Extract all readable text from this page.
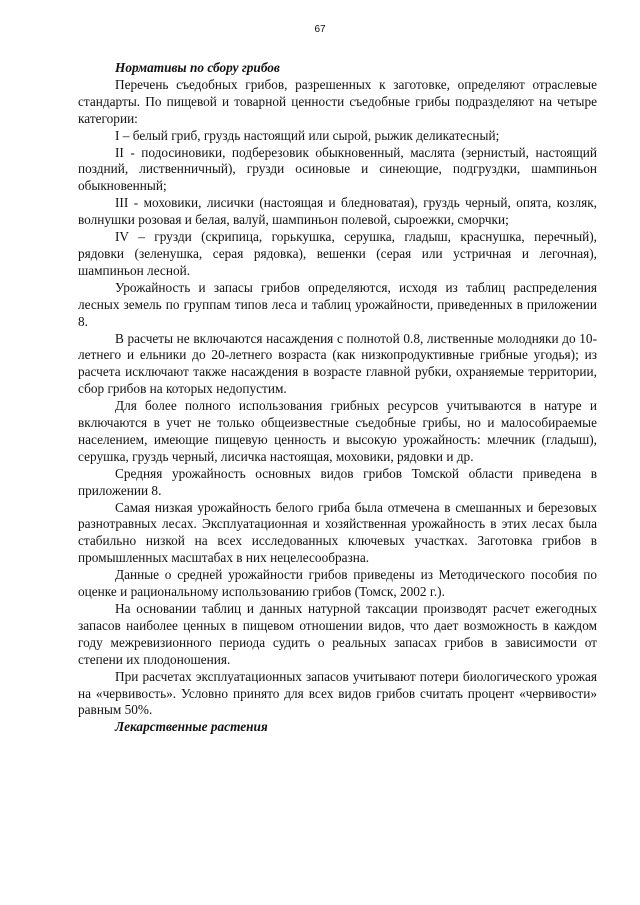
67

Нормативы по сбору грибов

Перечень съедобных грибов, разрешенных к заготовке, определяют отраслевые стандарты. По пищевой и товарной ценности съедобные грибы подразделяют на четыре категории:

I – белый гриб, груздь настоящий или сырой, рыжик деликатесный;

II - подосиновики, подберезовик обыкновенный, маслята (зернистый, настоящий поздний, лиственничный), грузди осиновые и синеющие, подгруздки, шампиньон обыкновенный;

III - моховики, лисички (настоящая и бледноватая), груздь черный, опята, козляк, волнушки розовая и белая, валуй, шампиньон полевой, сыроежки, сморчки;

IV – грузди (скрипица, горькушка, серушка, гладыш, краснушка, перечный), рядовки (зеленушка, серая рядовка), вешенки (серая или устричная и легочная), шампиньон лесной.

Урожайность и запасы грибов определяются, исходя из таблиц распределения лесных земель по группам типов леса и таблиц урожайности, приведенных в приложении 8.

В расчеты не включаются насаждения с полнотой 0.8, лиственные молодняки до 10-летнего и ельники до 20-летнего возраста (как низкопродуктивные грибные угодья); из расчета исключают также насаждения в возрасте главной рубки, охраняемые территории, сбор грибов на которых недопустим.

Для более полного использования грибных ресурсов учитываются в натуре и включаются в учет не только общеизвестные съедобные грибы, но и малособираемые населением, имеющие пищевую ценность и высокую урожайность: млечник (гладыш), серушка, груздь черный, лисичка настоящая, моховики, рядовки и др.

Средняя урожайность основных видов грибов Томской области приведена в приложении 8.

Самая низкая урожайность белого гриба была отмечена в смешанных и березовых разнотравных лесах. Эксплуатационная и хозяйственная урожайность в этих лесах была стабильно низкой на всех исследованных ключевых участках. Заготовка грибов в промышленных масштабах в них нецелесообразна.

Данные о средней урожайности грибов приведены из Методического пособия по оценке и рациональному использованию грибов (Томск, 2002 г.).

На основании таблиц и данных натурной таксации производят расчет ежегодных запасов наиболее ценных в пищевом отношении видов, что дает возможность в каждом году межревизионного периода судить о реальных запасах грибов в зависимости от степени их плодоношения.

При расчетах эксплуатационных запасов учитывают потери биологического урожая на «червивость». Условно принято для всех видов грибов считать процент «червивости» равным 50%.

Лекарственные растения
